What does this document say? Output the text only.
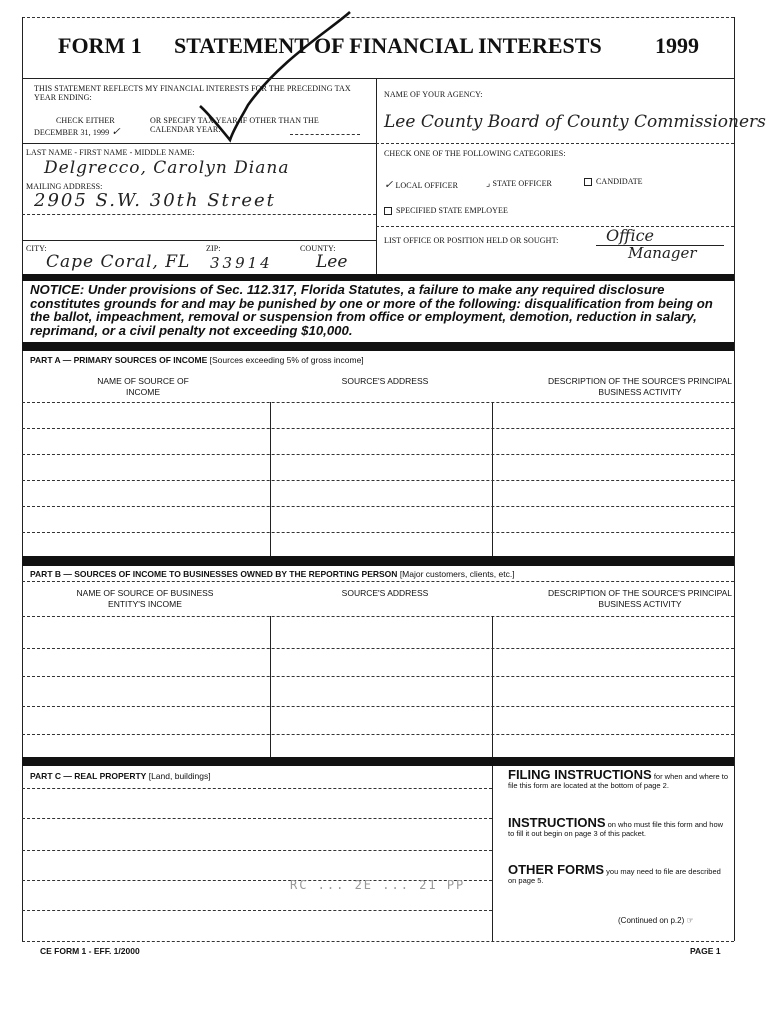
FORM 1 STATEMENT OF FINANCIAL INTERESTS 1999
THIS STATEMENT REFLECTS MY FINANCIAL INTERESTS FOR THE PRECEDING TAX YEAR ENDING:
CHECK EITHER
DECEMBER 31, 1999 ✓
OR SPECIFY TAX YEAR IF OTHER THAN THE CALENDAR YEAR:
NAME OF YOUR AGENCY:
Lee County Board of County Commissioners
LAST NAME - FIRST NAME - MIDDLE NAME:
Delgrecco, Carolyn Diana
MAILING ADDRESS:
2905 S.W. 30th Street
CHECK ONE OF THE FOLLOWING CATEGORIES:
✓ LOCAL OFFICER	⌟ STATE OFFICER	CANDIDATE
SPECIFIED STATE EMPLOYEE
LIST OFFICE OR POSITION HELD OR SOUGHT:	Office
Manager
CITY:	ZIP:	COUNTY:
Cape Coral, FL 33914	Lee
NOTICE: Under provisions of Sec. 112.317, Florida Statutes, a failure to make any required disclosure constitutes grounds for and may be punished by one or more of the following: disqualification from being on the ballot, impeachment, removal or suspension from office or employment, demotion, reduction in salary, reprimand, or a civil penalty not exceeding $10,000.
PART A — PRIMARY SOURCES OF INCOME [Sources exceeding 5% of gross income]
NAME OF SOURCE OF INCOME
SOURCE'S ADDRESS	DESCRIPTION OF THE SOURCE'S PRINCIPAL BUSINESS ACTIVITY
PART B — SOURCES OF INCOME TO BUSINESSES OWNED BY THE REPORTING PERSON [Major customers, clients, etc.]
NAME OF SOURCE OF BUSINESS ENTITY'S INCOME
SOURCE'S ADDRESS	DESCRIPTION OF THE SOURCE'S PRINCIPAL BUSINESS ACTIVITY
PART C — REAL PROPERTY [Land, buildings]
RC ... 2E ... 21 PP
FILING INSTRUCTIONS for when and where to file this form are located at the bottom of page 2.
INSTRUCTIONS on who must file this form and how to fill it out begin on page 3 of this packet.
OTHER FORMS you may need to file are described on page 5.
(Continued on p.2) ☞
CE FORM 1 - EFF. 1/2000	PAGE 1
